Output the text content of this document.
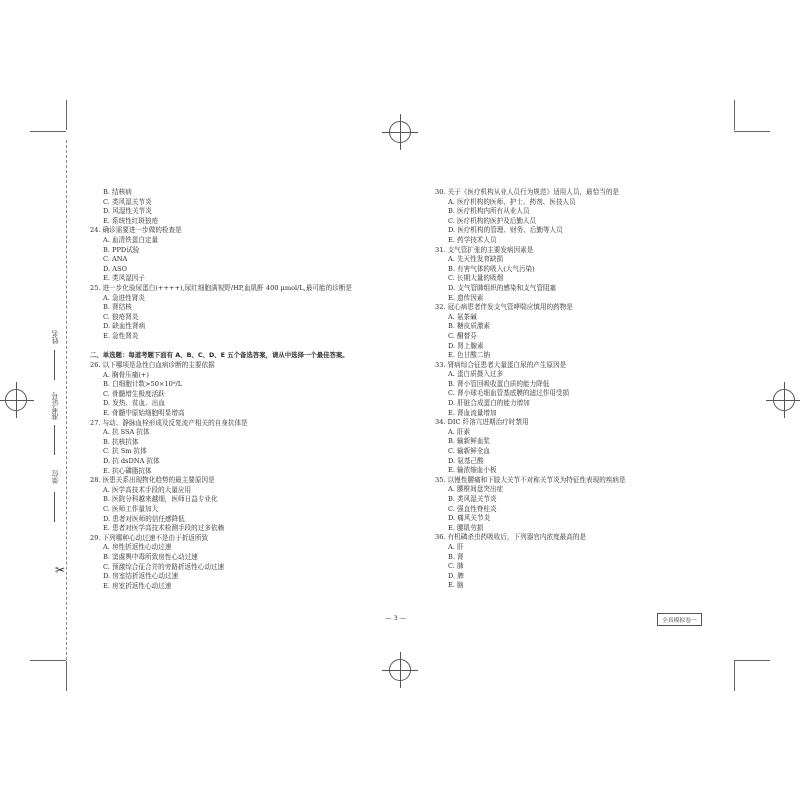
姓名
准考证号
单位
✂
B. 结核病
C. 类风湿关节炎
D. 风湿性关节炎
E. 系统性红斑狼疮
24. 确诊需要进一步做的检查是
A. 血清铁蛋白定量
B. PPD试验
C. ANA
D. ASO
E. 类风湿因子
25. 进一步化验尿蛋白(++++),尿红细胞满视野/HP,血肌酐 400 μmol/L,最可能的诊断是
A. 急进性肾炎
B. 肾结核
C. 狼疮肾炎
D. 缺血性肾病
E. 急性肾炎
二、单选题：每道考题下面有 A、B、C、D、E 五个备选答案，请从中选择一个最佳答案。
26. 以下哪项是急性白血病诊断的主要依据
A. 胸骨压痛(+)
B. 白细胞计数>50×10⁹/L
C. 骨髓增生极度活跃
D. 发热、贫血、出血
E. 骨髓中原始细胞明显增高
27. 与动、静脉血栓形成及反复流产相关的自身抗体是
A. 抗 SSA 抗体
B. 抗核抗体
C. 抗 Sm 抗体
D. 抗 dsDNA 抗体
E. 抗心磷脂抗体
28. 医患关系出现物化趋势的最主要原因是
A. 医学高技术手段的大量应用
B. 医院分科越来越细，医师日益专业化
C. 医师工作量加大
D. 患者对医师的信任感降低
E. 患者对医学高技术检测手段的过多依赖
29. 下列哪种心动过速不是由于折返所致
A. 房性折返性心动过速
B. 窦處舆中毒所致房性心动过速
C. 预激综合征合并的旁路折返性心动过速
D. 房室结折返性心动过速
E. 房室折返性心动过速
30. 关于《医疗机构从业人员行为规范》适用人员，最恰当的是
A. 医疗机构的医师、护士、药剂、医技人员
B. 医疗机构内所有从业人员
C. 医疗机构的医护及后勤人员
D. 医疗机构的管理、财务、后勤等人员
E. 药学技术人员
31. 支气管扩张的主要发病因素是
A. 先天性发育缺损
B. 有害气体的吸入(大气污染)
C. 长期大量的吸烟
D. 支气管肺组织的感染和支气管阻塞
E. 遗传因素
32. 冠心病患者伴发支气管哮喘应慎用的药物是
A. 氨茶碱
B. 糖皮质激素
C. 酮替芬
D. 肾上腺素
E. 色甘酸二钠
33. 肾病综合征患者大量蛋白尿的产生原因是
A. 蛋白质摄入过多
B. 肾小管回吸收蛋白质的能力降低
C. 肾小球毛细血管基底膜的滤过作用受损
D. 肝脏合成蛋白的能力增加
E. 肾血流量增加
34. DIC 纤溶亢进期治疗时禁用
A. 肝素
B. 输新鲜血浆
C. 输新鲜全血
D. 氨基己酸
E. 输浓缩血小板
35. 以慢性腰痛和下肢大关节不对称关节炎为特征性表现的疾病是
A. 腰椎间盘突出症
B. 类风湿关节炎
C. 强直性脊柱炎
D. 痛风关节炎
E. 腰肌劳损
36. 有机磷杀虫药吸收后，下列器官内浓度最高的是
A. 肝
B. 肾
C. 肺
D. 脾
E. 脑
— 3 —	全真模拟卷一
